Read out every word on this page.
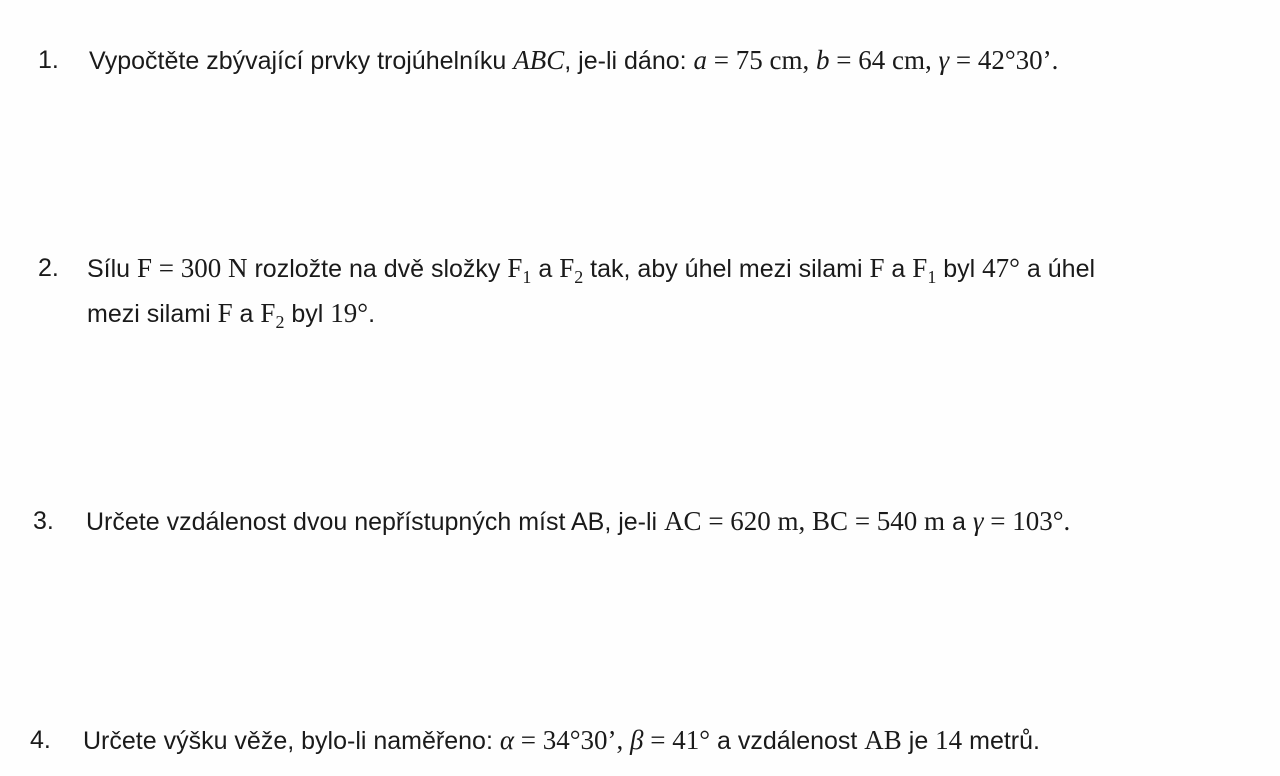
1. Vypočtěte zbývající prvky trojúhelníku ABC, je-li dáno: a = 75 cm, b = 64 cm, γ = 42°30’.
2. Sílu F = 300 N rozložte na dvě složky $F_1$ a $F_2$ tak, aby úhel mezi silami F a $F_1$ byl 47° a úhel
mezi silami F a $F_2$ byl 19°.
3. Určete vzdálenost dvou nepřístupných míst AB, je-li AC = 620 m, BC = 540 m a γ = 103°.
4. Určete výšku věže, bylo-li naměřeno: α = 34°30’, β = 41° a vzdálenost AB je 14 metrů.
